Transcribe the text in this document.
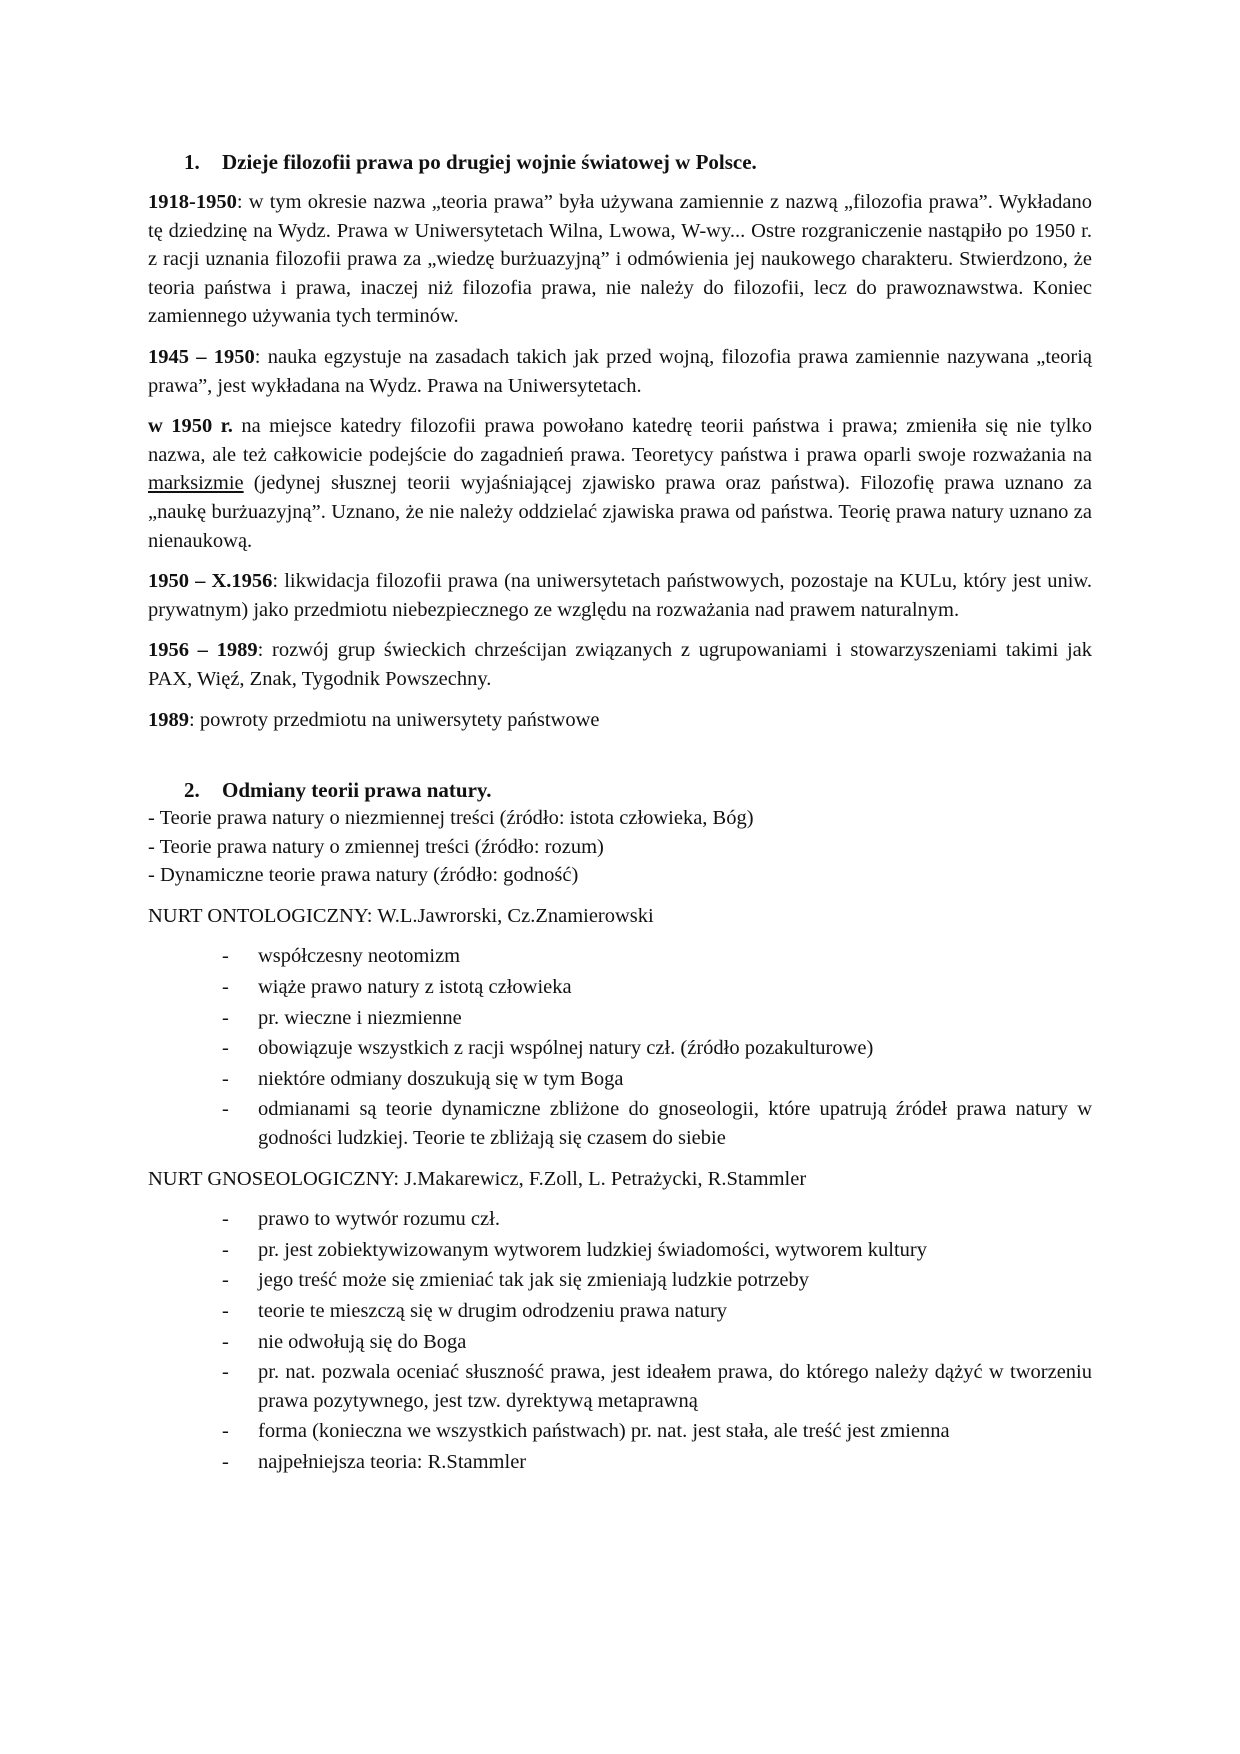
1.	Dzieje filozofii prawa po drugiej wojnie światowej w Polsce.

1918-1950: w tym okresie nazwa „teoria prawa” była używana zamiennie z nazwą „filozofia prawa”. Wykładano tę dziedzinę na Wydz. Prawa w Uniwersytetach Wilna, Lwowa, W-wy... Ostre rozgraniczenie nastąpiło po 1950 r. z racji uznania filozofii prawa za „wiedzę burżuazyjną” i odmówienia jej naukowego charakteru. Stwierdzono, że teoria państwa i prawa, inaczej niż filozofia prawa, nie należy do filozofii, lecz do prawoznawstwa. Koniec zamiennego używania tych terminów.

1945 – 1950: nauka egzystuje na zasadach takich jak przed wojną, filozofia prawa zamiennie nazywana „teorią prawa”, jest wykładana na Wydz. Prawa na Uniwersytetach.

w 1950 r. na miejsce katedry filozofii prawa powołano katedrę teorii państwa i prawa; zmieniła się nie tylko nazwa, ale też całkowicie podejście do zagadnień prawa. Teoretycy państwa i prawa oparli swoje rozważania na marksizmie (jedynej słusznej teorii wyjaśniającej zjawisko prawa oraz państwa). Filozofię prawa uznano za „naukę burżuazyjną”. Uznano, że nie należy oddzielać zjawiska prawa od państwa. Teorię prawa natury uznano za nienaukową.

1950 – X.1956: likwidacja filozofii prawa (na uniwersytetach państwowych, pozostaje na KULu, który jest uniw. prywatnym) jako przedmiotu niebezpiecznego ze względu na rozważania nad prawem naturalnym.

1956 – 1989: rozwój grup świeckich chrześcijan związanych z ugrupowaniami i stowarzyszeniami takimi jak PAX, Więź, Znak, Tygodnik Powszechny.

1989: powroty przedmiotu na uniwersytety państwowe

2.	Odmiany teorii prawa natury.

- Teorie prawa natury o niezmiennej treści (źródło: istota człowieka, Bóg)

- Teorie prawa natury o zmiennej treści (źródło: rozum)

- Dynamiczne teorie prawa natury (źródło: godność)

NURT ONTOLOGICZNY: W.L.Jawrorski, Cz.Znamierowski

-	współczesny neotomizm
-	wiąże prawo natury z istotą człowieka
-	pr. wieczne i niezmienne
-	obowiązuje wszystkich z racji wspólnej natury czł. (źródło pozakulturowe)
-	niektóre odmiany doszukują się w tym Boga
-	odmianami są teorie dynamiczne zbliżone do gnoseologii, które upatrują źródeł prawa natury w godności ludzkiej. Teorie te zbliżają się czasem do siebie

NURT GNOSEOLOGICZNY: J.Makarewicz, F.Zoll, L. Petrażycki, R.Stammler

-	prawo to wytwór rozumu czł.
-	pr. jest zobiektywizowanym wytworem ludzkiej świadomości, wytworem kultury
-	jego treść może się zmieniać tak jak się zmieniają ludzkie potrzeby
-	teorie te mieszczą się w drugim odrodzeniu prawa natury
-	nie odwołują się do Boga
-	pr. nat. pozwala oceniać słuszność prawa, jest ideałem prawa, do którego należy dążyć w tworzeniu prawa pozytywnego, jest tzw. dyrektywą metaprawną
-	forma (konieczna we wszystkich państwach) pr. nat. jest stała, ale treść jest zmienna
-	najpełniejsza teoria: R.Stammler
